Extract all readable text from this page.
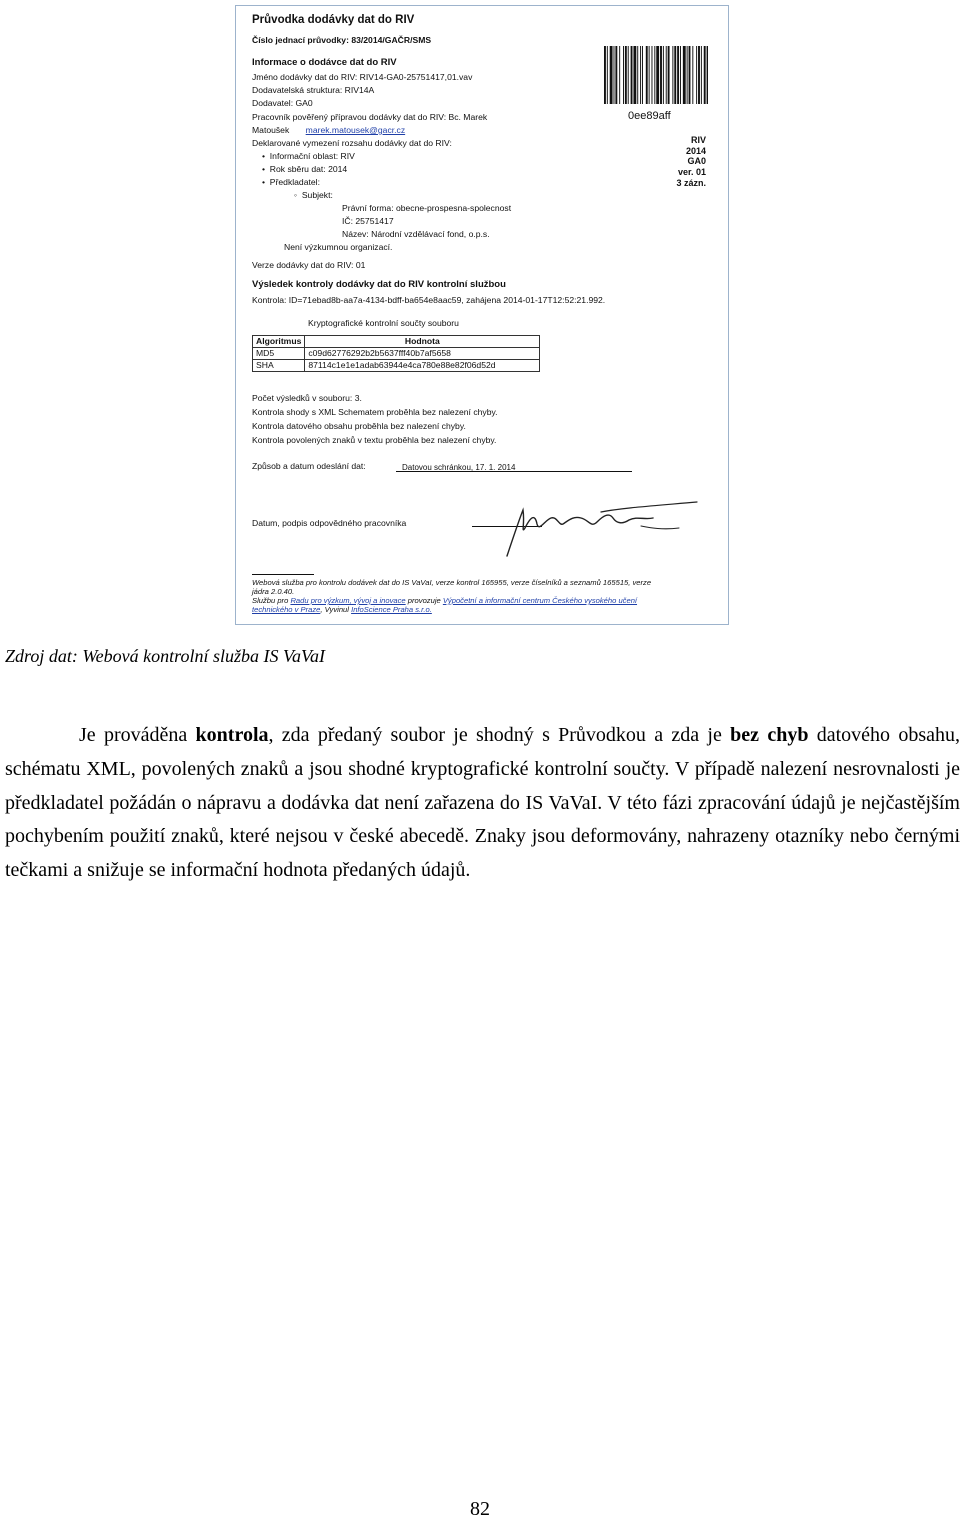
Průvodka dodávky dat do RIV
Číslo jednací průvodky: 83/2014/GAČR/SMS
Informace o dodávce dat do RIV
Jméno dodávky dat do RIV: RIV14-GA0-25751417,01.vav
Dodavatelská struktura: RIV14A
Dodavatel: GA0
Pracovník pověřený přípravou dodávky dat do RIV: Bc. Marek
Matoušek marek.matousek@gacr.cz
Deklarované vymezení rozsahu dodávky dat do RIV:
•  Informační oblast: RIV
•  Rok sběru dat: 2014
•  Předkladatel:
◦  Subjekt:
Právní forma: obecne-prospesna-spolecnost
IČ: 25751417
Název: Národní vzdělávací fond, o.p.s.
Není výzkumnou organizací.
Verze dodávky dat do RIV: 01
Výsledek kontroly dodávky dat do RIV kontrolní službou
Kontrola: ID=71ebad8b-aa7a-4134-bdff-ba654e8aac59, zahájena 2014-01-17T12:52:21.992.
Kryptografické kontrolní součty souboru
Algoritmus	Hodnota
MD5	c09d62776292b2b5637fff40b7af5658
SHA	87114c1e1e1adab63944e4ca780e88e82f06d52d
Počet výsledků v souboru: 3.
Kontrola shody s XML Schematem proběhla bez nalezení chyby.
Kontrola datového obsahu proběhla bez nalezení chyby.
Kontrola povolených znaků v textu proběhla bez nalezení chyby.
Způsob a datum odeslání dat:	Datovou schránkou, 17. 1. 2014
Datum, podpis odpovědného pracovníka
Webová služba pro kontrolu dodávek dat do IS VaVaI, verze kontrol 165955, verze číselníků a seznamů 165515, verze
jádra 2.0.40.
Službu pro Radu pro výzkum, vývoj a inovace provozuje Výpočetní a informační centrum Českého vysokého učení
technického v Praze, Vyvinul InfoScience Praha s.r.o.
0ee89aff
RIV
2014
GA0
ver. 01
3 zázn.
Zdroj dat: Webová kontrolní služba IS VaVaI

Je prováděna kontrola, zda předaný soubor je shodný s Průvodkou a zda je bez chyb datového obsahu, schématu XML, povolených znaků a jsou shodné kryptografické kontrolní součty. V případě nalezení nesrovnalosti je předkladatel požádán o nápravu a dodávka dat není zařazena do IS VaVaI. V této fázi zpracování údajů je nejčastějším pochybením použití znaků, které nejsou v české abecedě. Znaky jsou deformovány, nahrazeny otazníky nebo černými tečkami a snižuje se informační hodnota předaných údajů.

82
